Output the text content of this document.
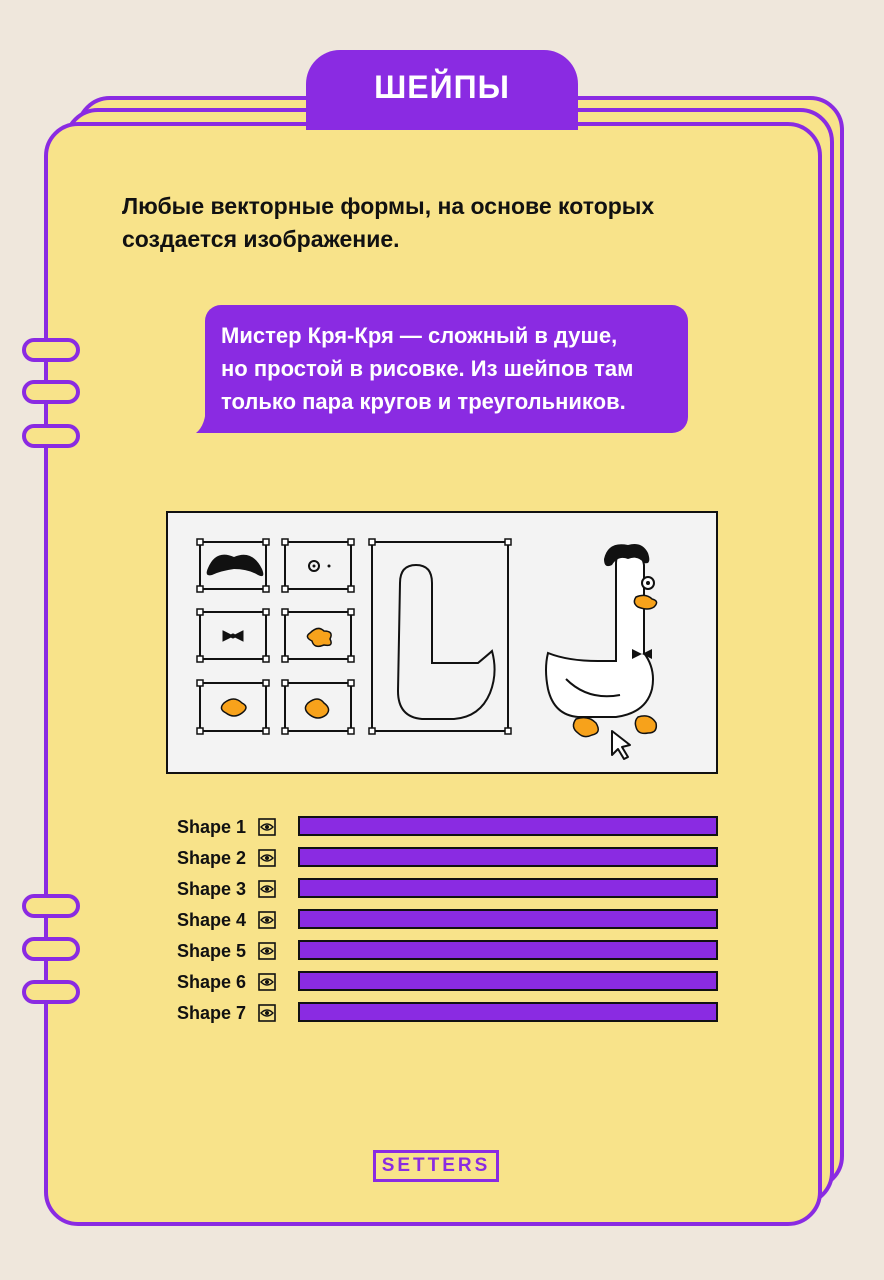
ШЕЙПЫ
Любые векторные формы, на основе которых
создается изображение.
Мистер Кря-Кря — сложный в душе,
но простой в рисовке. Из шейпов там
только пара кругов и треугольников.
Shape 1
Shape 2
Shape 3
Shape 4
Shape 5
Shape 6
Shape 7
SETTERS
